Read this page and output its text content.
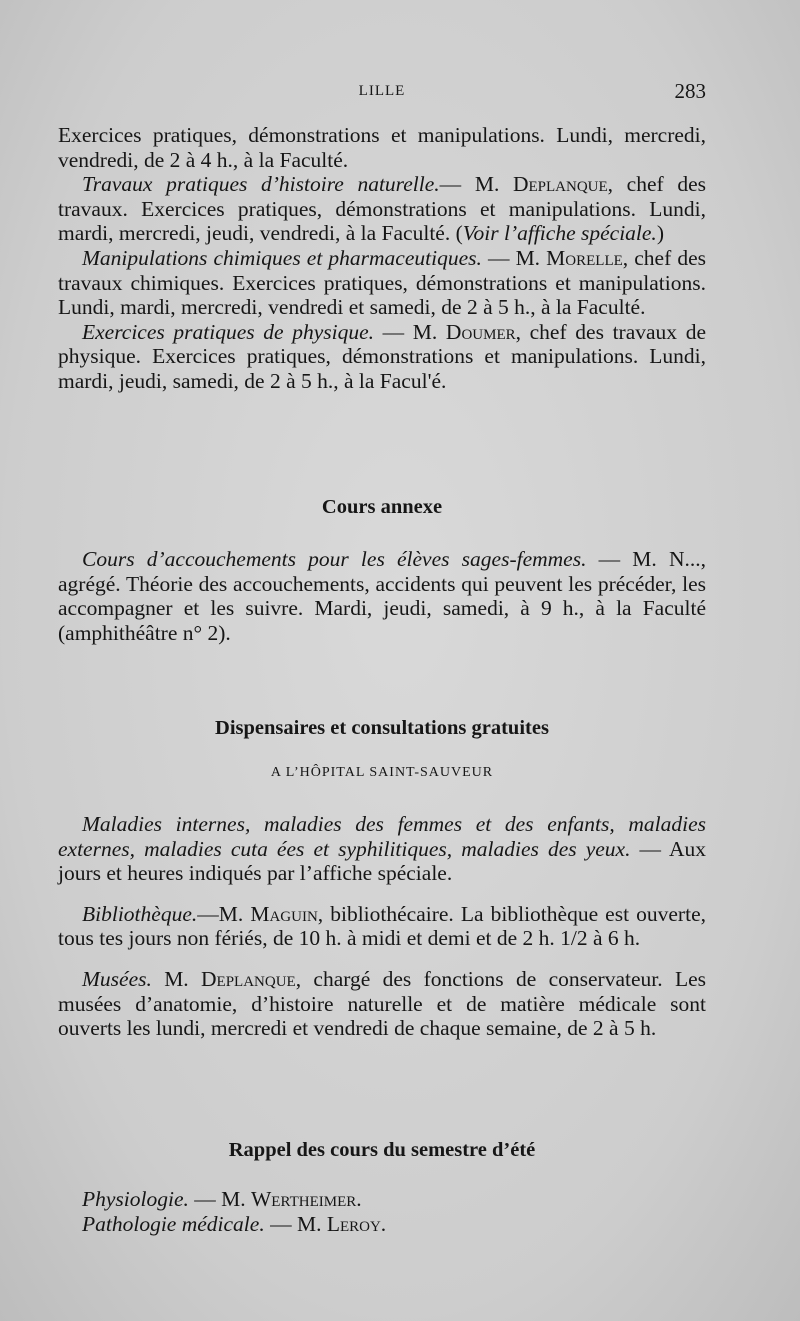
LILLE	283

Exercices pratiques, démonstrations et manipulations. Lundi, mercredi, vendredi, de 2 à 4 h., à la Faculté.

Travaux pratiques d’histoire naturelle.— M. Deplanque, chef des travaux. Exercices pratiques, démonstrations et manipulations. Lundi, mardi, mercredi, jeudi, vendredi, à la Faculté. (Voir l’affiche spéciale.)

Manipulations chimiques et pharmaceutiques. — M. Morelle, chef des travaux chimiques. Exercices pratiques, démonstrations et manipulations. Lundi, mardi, mercredi, vendredi et samedi, de 2 à 5 h., à la Faculté.

Exercices pratiques de physique. — M. Doumer, chef des travaux de physique. Exercices pratiques, démonstrations et manipulations. Lundi, mardi, jeudi, samedi, de 2 à 5 h., à la Facul'é.

Cours annexe

Cours d’accouchements pour les élèves sages-femmes. — M. N..., agrégé. Théorie des accouchements, accidents qui peuvent les précéder, les accompagner et les suivre. Mardi, jeudi, samedi, à 9 h., à la Faculté (amphithéâtre n° 2).

Dispensaires et consultations gratuites
A L’HÔPITAL SAINT-SAUVEUR

Maladies internes, maladies des femmes et des enfants, maladies externes, maladies cuta ées et syphilitiques, maladies des yeux. — Aux jours et heures indiqués par l’affiche spéciale.

Bibliothèque.—M. Maguin, bibliothécaire. La bibliothèque est ouverte, tous tes jours non fériés, de 10 h. à midi et demi et de 2 h. 1/2 à 6 h.

Musées. M. Deplanque, chargé des fonctions de conservateur. Les musées d’anatomie, d’histoire naturelle et de matière médicale sont ouverts les lundi, mercredi et vendredi de chaque semaine, de 2 à 5 h.

Rappel des cours du semestre d’été

Physiologie. — M. Wertheimer.

Pathologie médicale. — M. Leroy.
